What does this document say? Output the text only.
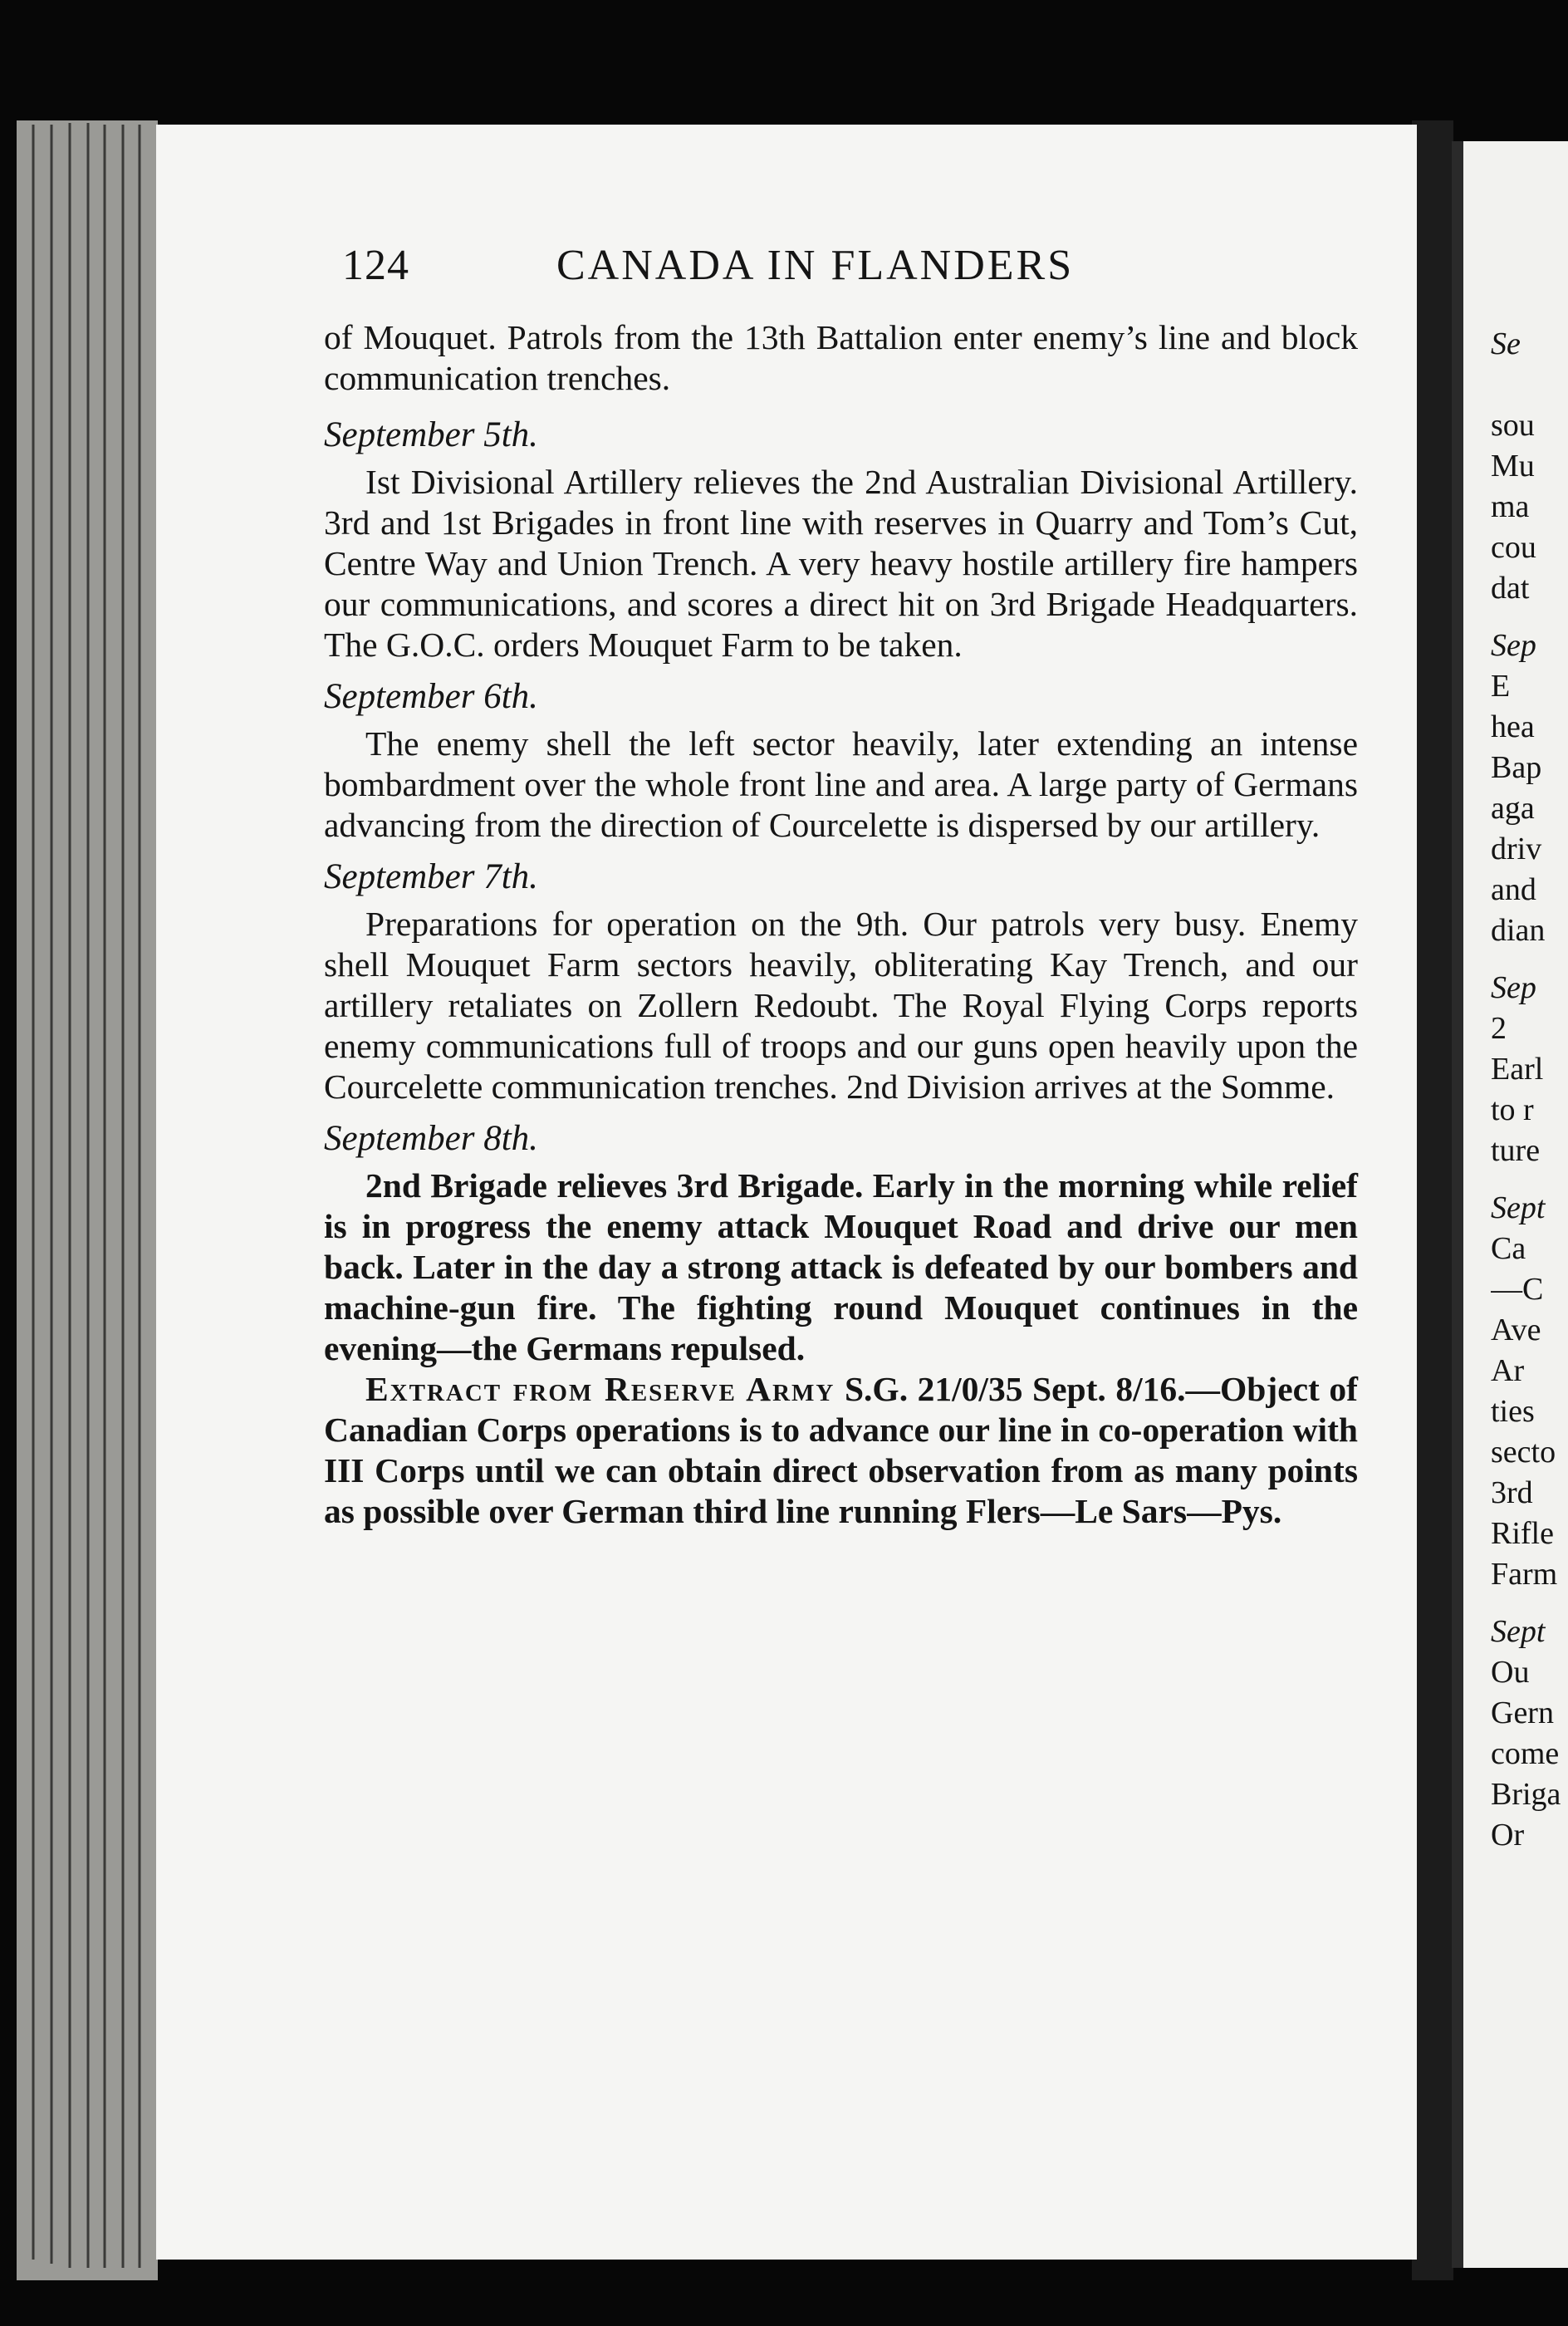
124	CANADA IN FLANDERS

of Mouquet. Patrols from the 13th Battalion enter enemy’s line and block communication trenches.

September 5th.

Ist Divisional Artillery relieves the 2nd Australian Divisional Artillery. 3rd and 1st Brigades in front line with reserves in Quarry and Tom’s Cut, Centre Way and Union Trench. A very heavy hostile artillery fire hampers our communications, and scores a direct hit on 3rd Brigade Headquarters. The G.O.C. orders Mouquet Farm to be taken.

September 6th.

The enemy shell the left sector heavily, later extending an intense bombardment over the whole front line and area. A large party of Germans advancing from the direction of Courcelette is dispersed by our artillery.

September 7th.

Preparations for operation on the 9th. Our patrols very busy. Enemy shell Mouquet Farm sectors heavily, obliterating Kay Trench, and our artillery retaliates on Zollern Redoubt. The Royal Flying Corps reports enemy communications full of troops and our guns open heavily upon the Courcelette communication trenches. 2nd Division arrives at the Somme.

September 8th.

2nd Brigade relieves 3rd Brigade. Early in the morning while relief is in progress the enemy attack Mouquet Road and drive our men back. Later in the day a strong attack is defeated by our bombers and machine-gun fire. The fighting round Mouquet continues in the evening—the Germans repulsed.

Extract from Reserve Army S.G. 21/0/35 Sept. 8/16.—Object of Canadian Corps operations is to advance our line in co-operation with III Corps until we can obtain direct observation from as many points as possible over German third line running Flers—Le Sars—Pys.

Se
sou
Mu
ma
cou
dat
Sep
E
hea
Bap
aga
driv
and
dian
Sep
2
Earl
to r
ture
Sept
Ca
—C
Ave
Ar
ties
secto
3rd
Rifle
Farm
Sept
Ou
Gern
come
Briga
Or
